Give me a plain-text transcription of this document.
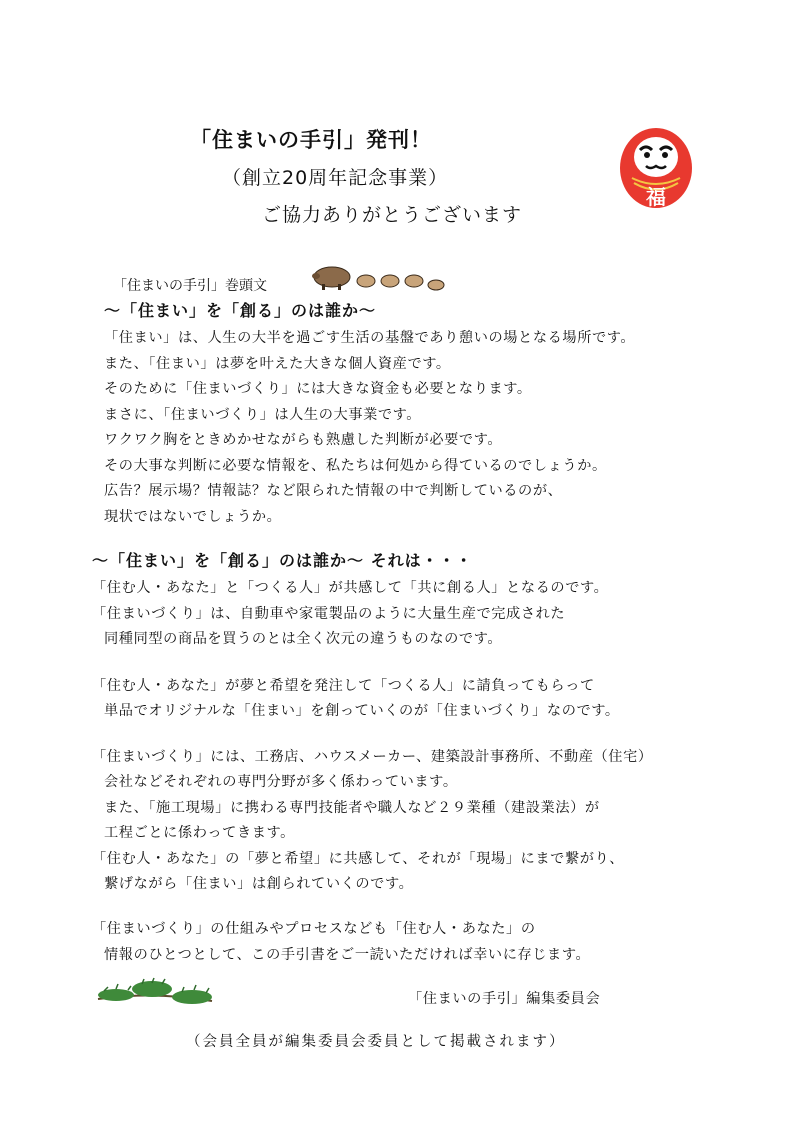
「住まいの手引」発刊！
（創立20周年記念事業）
ご協力ありがとうございます
福
「住まいの手引」巻頭文
～「住まい」を「創る」のは誰か～
「住まい」は、人生の大半を過ごす生活の基盤であり憩いの場となる場所です。
また、「住まい」は夢を叶えた大きな個人資産です。
そのために「住まいづくり」には大きな資金も必要となります。
まさに、「住まいづくり」は人生の大事業です。
ワクワク胸をときめかせながらも熟慮した判断が必要です。
その大事な判断に必要な情報を、私たちは何処から得ているのでしょうか。
広告？展示場？情報誌？など限られた情報の中で判断しているのが、
現状ではないでしょうか。
～「住まい」を「創る」のは誰か～ それは・・・
「住む人・あなた」と「つくる人」が共感して「共に創る人」となるのです。
「住まいづくり」は、自動車や家電製品のように大量生産で完成された
同種同型の商品を買うのとは全く次元の違うものなのです。
「住む人・あなた」が夢と希望を発注して「つくる人」に請負ってもらって
単品でオリジナルな「住まい」を創っていくのが「住まいづくり」なのです。
「住まいづくり」には、工務店、ハウスメーカー、建築設計事務所、不動産（住宅）
会社などそれぞれの専門分野が多く係わっています。
また、「施工現場」に携わる専門技能者や職人など２９業種（建設業法）が
工程ごとに係わってきます。
「住む人・あなた」の「夢と希望」に共感して、それが「現場」にまで繋がり、
繋げながら「住まい」は創られていくのです。
「住まいづくり」の仕組みやプロセスなども「住む人・あなた」の
情報のひとつとして、この手引書をご一読いただければ幸いに存じます。
「住まいの手引」編集委員会
（会員全員が編集委員会委員として掲載されます）
